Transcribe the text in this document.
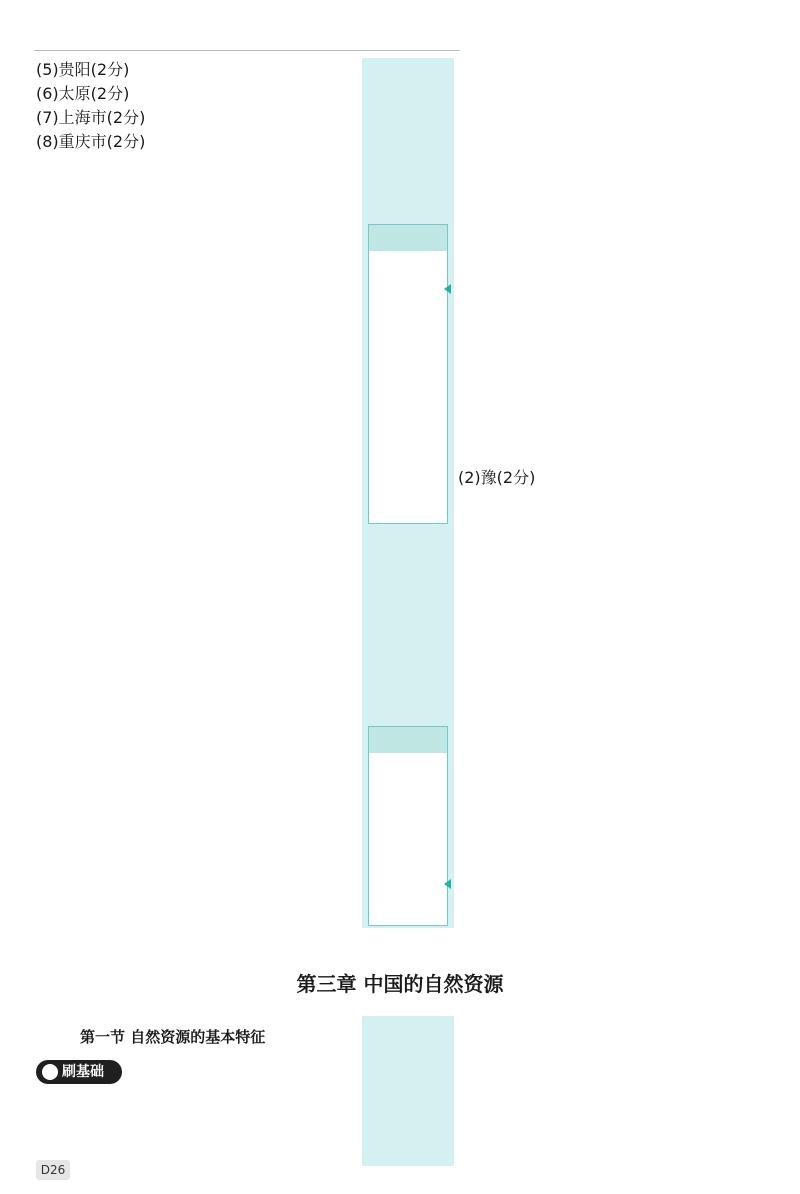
(5)贵阳(2分)
(6)太原(2分)
(7)上海市(2分)
(8)重庆市(2分)
(2)豫(2分)
第三章 中国的自然资源
第一节 自然资源的基本特征
刷基础
D26
